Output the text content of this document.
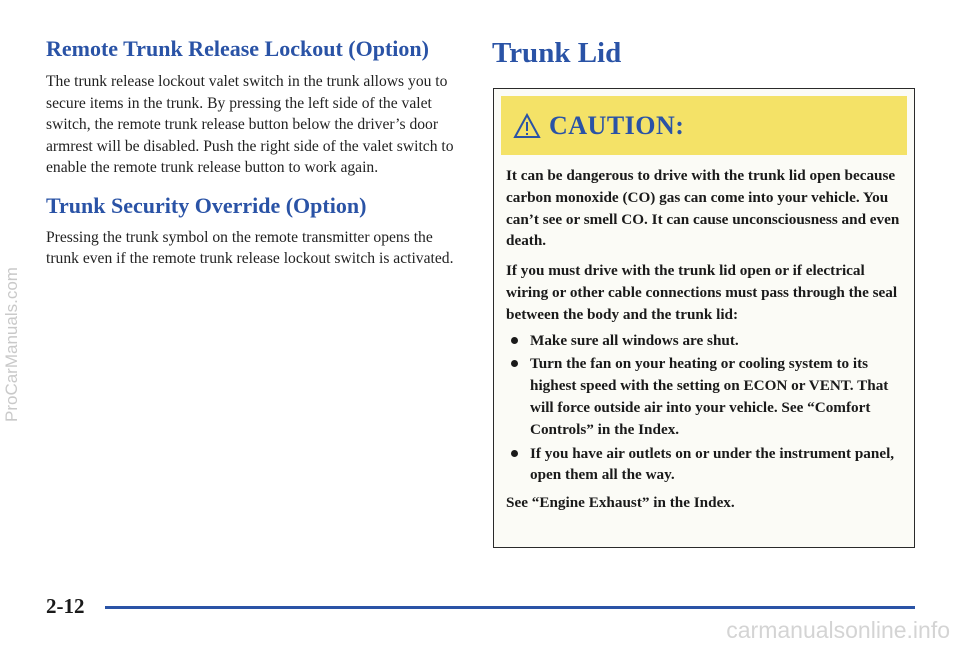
Remote Trunk Release Lockout (Option)

The trunk release lockout valet switch in the trunk allows you to secure items in the trunk. By pressing the left side of the valet switch, the remote trunk release button below the driver’s door armrest will be disabled. Push the right side of the valet switch to enable the remote trunk release button to work again.

Trunk Security Override (Option)

Pressing the trunk symbol on the remote transmitter opens the trunk even if the remote trunk release lockout switch is activated.

Trunk Lid
CAUTION:

It can be dangerous to drive with the trunk lid open because carbon monoxide (CO) gas can come into your vehicle. You can’t see or smell CO. It can cause unconsciousness and even death.

If you must drive with the trunk lid open or if electrical wiring or other cable connections must pass through the seal between the body and the trunk lid:

Make sure all windows are shut.
Turn the fan on your heating or cooling system to its highest speed with the setting on ECON or VENT. That will force outside air into your vehicle. See “Comfort Controls” in the Index.
If you have air outlets on or under the instrument panel, open them all the way.

See “Engine Exhaust” in the Index.

2-12
ProCarManuals.com
carmanualsonline.info
